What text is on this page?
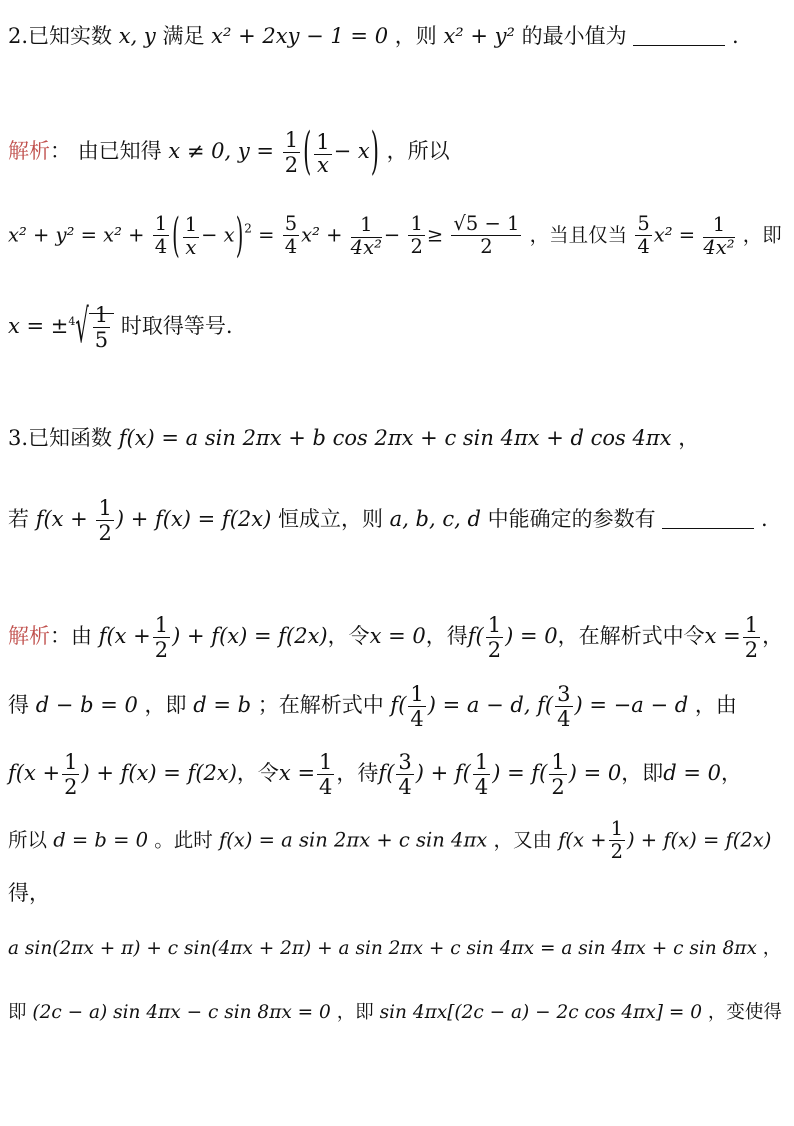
2.已知实数 x, y 满足 x² + 2xy − 1 = 0 ，则 x² + y² 的最小值为	.
解析： 由已知得 x ≠ 0, $y = \frac{1}{2}$ ( $\frac{1}{x}- x$) ，所以
$x^2 + y^2 = x^2 + \frac{1}{4}$ ( $\frac{1}{x} - x)^2 = \frac{5}{4} x^2 + \frac{1}{\text{4x²}} - \frac{1}{2} \ge \frac{√5 - 1}{2}$ ，当且仅当 $\frac{5}{4} x^2 = \frac{1}{\text{4x²}}$ ，即
$x = \pm^4√ \frac{1}{5}$ 时取得等号.
3.已知函数 f(x) = a sin 2πx + b cos 2πx + c sin 4πx + d cos 4πx ，
若 $f(x + \frac{1}{2}$ ) + f(x) = f(2x) 恒成立，则 a, b, c, d 中能确定的参数有	.
解析：由 $f(x + \frac{1}{2}$ ) + f(x) = f(2x)，令x = 0，得$f( \frac{1}{2}$ ) = 0，在解析式中令$x = \frac{1}{2}$ ，
得 d − b = 0 ，即 d = b ；在解析式中 $f( \frac{1}{4}$ ) = a − d, $f( \frac{3}{4}$ ) = −a − d ，由
$f(x + \frac{1}{2}$ ) + f(x) = f(2x)，令$x = \frac{1}{4}$ ，待$f( \frac{3}{4}$ ) + $f( \frac{1}{4}$ ) = $f( \frac{1}{2}$ ) = 0，即d = 0，
所以 d = b = 0 。此时 f(x) = a sin 2πx + c sin 4πx ，又由 $f(x + \frac{1}{2}$ ) + f(x) = f(2x)
得，
a sin(2πx + π) + c sin(4πx + 2π) + a sin 2πx + c sin 4πx = a sin 4πx + c sin 8πx ，
即 (2c − a) sin 4πx − c sin 8πx = 0 ，即 sin 4πx[(2c − a) − 2c cos 4πx] = 0 ，变使得
